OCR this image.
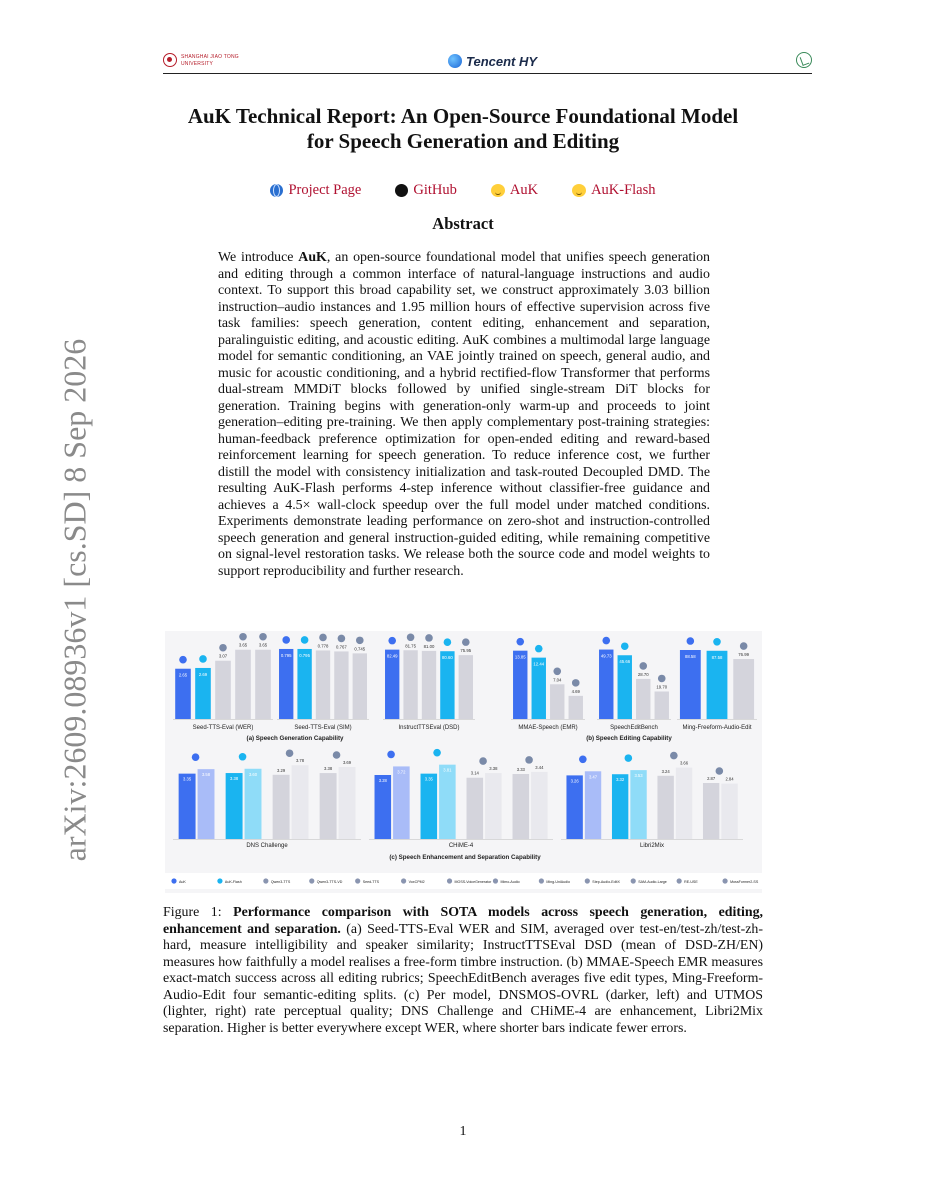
SHANGHAI JIAO TONG
UNIVERSITY	Tencent HY
arXiv:2609.08936v1 [cs.SD] 8 Sep 2026
AuK Technical Report: An Open-Source Foundational Model
for Speech Generation and Editing
Project Page	GitHub	AuK	AuK-Flash
Abstract
We introduce AuK, an open-source foundational model that unifies speech generation and editing through a common interface of natural-language instructions and audio context. To support this broad capability set, we construct approximately 3.03 billion instruction–audio instances and 1.95 million hours of effective supervision across five task families: speech generation, content editing, enhancement and separation, paralinguistic editing, and acoustic editing. AuK combines a multimodal large language model for semantic conditioning, an VAE jointly trained on speech, general audio, and music for acoustic conditioning, and a hybrid rectified-flow Transformer that performs dual-stream MMDiT blocks followed by unified single-stream DiT blocks for generation. Training begins with generation-only warm-up and proceeds to joint generation–editing pre-training. We then apply complementary post-training strategies: human-feedback preference optimization for open-ended editing and reward-based reinforcement learning for speech generation. To reduce inference cost, we further distill the model with consistency initialization and task-routed Decoupled DMD. The resulting AuK-Flash performs 4-step inference without classifier-free guidance and achieves a 4.5× wall-clock speedup over the full model under matched conditions. Experiments demonstrate leading performance on zero-shot and instruction-controlled speech generation and general instruction-guided editing, while remaining competitive on signal-level restoration tasks. We release both the source code and model weights to support reproducibility and further research.
2.65	2.69
3.07
3.65	3.65
Seed-TTS-Eval (WER)
0.795 0.795
0.778 0.767 0.745
Seed-TTS-Eval (SIM)
82.49
81.75 81.00
80.60
75.95
InstructTTSEval (DSD)
13.85
12.44
7.04
4.69
MMAE-Speech (EMR)
49.73
45.66
28.70
19.70
SpeechEditBench
88.58	87.58
76.99
Ming-Freeform-Audio-Edit
3.35
3.58
3.38
3.60
3.29
3.78
3.38
3.69
DNS Challenge
3.28
3.72
3.35
3.81
3.14
3.38	3.33 3.44
CHiME-4
3.26
3.47
3.32
3.53
3.24
3.66
2.87 2.84
Libri2Mix
(a) Speech Generation Capability	(b) Speech Editing Capability
(c) Speech Enhancement and Separation Capability
AuK	AuK-Flash	Qwen3-TTS	Qwen3-TTS-VD	Seed-TTS	VoxCPM2	MOSS-VoiceGenerator	Mimo-Audio	Ming-UniAudio	Step-Audio-EditX	SAM-Audio-Large	RE-USE	MossFormer2-SS
Figure 1: Performance comparison with SOTA models across speech generation, editing, enhancement and separation. (a) Seed-TTS-Eval WER and SIM, averaged over test-en/test-zh/test-zh-hard, measure intelligibility and speaker similarity; InstructTTSEval DSD (mean of DSD-ZH/EN) measures how faithfully a model realises a free-form timbre instruction. (b) MMAE-Speech EMR measures exact-match success across all editing rubrics; SpeechEditBench averages five edit types, Ming-Freeform-Audio-Edit four semantic-editing splits. (c) Per model, DNSMOS-OVRL (darker, left) and UTMOS (lighter, right) rate perceptual quality; DNS Challenge and CHiME-4 are enhancement, Libri2Mix separation. Higher is better everywhere except WER, where shorter bars indicate fewer errors.
1
